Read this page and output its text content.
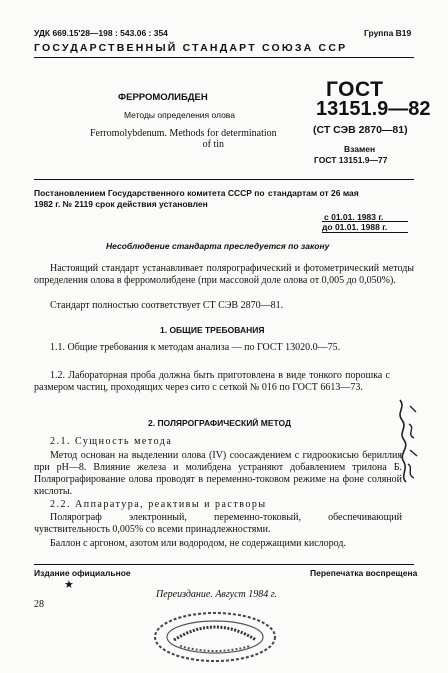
УДК 669.15'28—198 : 543.06 : 354	Группа В19
ГОСУДАРСТВЕННЫЙ СТАНДАРТ СОЮЗА ССР
ФЕРРОМОЛИБДЕН
Методы определения олова
Ferromolybdenum. Methods for determination
of tin
ГОСТ
13151.9—82
(СТ СЭВ 2870—81)
Взамен
ГОСТ 13151.9—77
Постановлением Государственного комитета СССР по
1982 г. № 2119 срок действия установлен
стандартам от 26 мая
с 01.01. 1983 г.
до 01.01. 1988 г.
Несоблюдение стандарта преследуется по закону
Настоящий стандарт устанавливает полярографический и фотометрический методы определения олова в ферромолибдене (при массовой доле олова от 0,005 до 0,050%).
Стандарт полностью соответствует СТ СЭВ 2870—81.
1. ОБЩИЕ ТРЕБОВАНИЯ
1.1. Общие требования к методам анализа — по ГОСТ 13020.0—75.
1.2. Лабораторная проба должна быть приготовлена в виде тонкого порошка с размером частиц, проходящих через сито с сеткой № 016 по ГОСТ 6613—73.
2. ПОЛЯРОГРАФИЧЕСКИЙ МЕТОД
2.1. Сущность метода
Метод основан на выделении олова (IV) соосаждением с гидроокисью бериллия при pH—8. Влияние железа и молибдена устраняют добавлением трилона Б. Полярографирование олова проводят в переменно-токовом режиме на фоне соляной кислоты.
2.2. Аппаратура, реактивы и растворы
Полярограф электронный, переменно-токовый, обеспечивающий чувствительность 0,005% со всеми принадлежностями.
Баллон с аргоном, азотом или водородом, не содержащими кислород.
Издание официальное	Перепечатка воспрещена
★
Переиздание. Август 1984 г.
28
